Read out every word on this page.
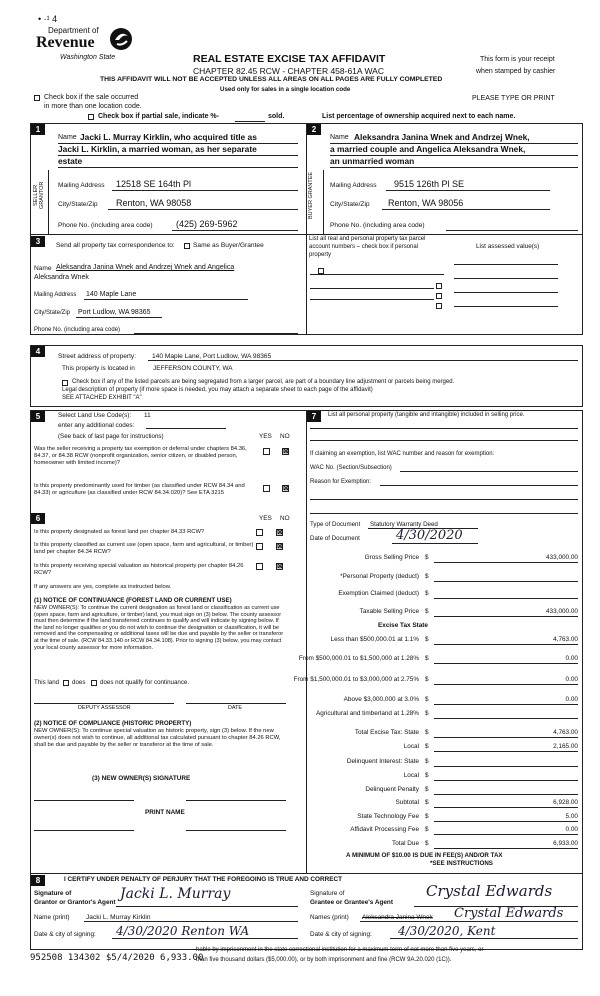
• ·¹ 4
Department of
Revenue
Washington State	REAL ESTATE EXCISE TAX AFFIDAVIT
CHAPTER 82.45 RCW - CHAPTER 458-61A WAC
This form is your receipt
when stamped by cashier
THIS AFFIDAVIT WILL NOT BE ACCEPTED UNLESS ALL AREAS ON ALL PAGES ARE FULLY COMPLETED
Used only for sales in a single location code
Check box if the sale occurred
in more than one location code.
PLEASE TYPE OR PRINT
Check box if partial sale, indicate %-	sold.	List percentage of ownership acquired next to each name.
1
SELLER GRANTOR
Name Jacki L. Murray Kirklin, who acquired title as
Jacki L. Kirklin, a married woman, as her separate
estate
Mailing Address 12518 SE 164th Pl
City/State/Zip Renton, WA 98058
Phone No. (including area code)	(425) 269-5962
2
BUYER GRANTEE
Name Aleksandra Janina Wnek and Andrzej Wnek,
a married couple and Angelica Aleksandra Wnek,
an unmarried woman
Mailing Address 9515 126th Pl SE
City/State/Zip Renton, WA 98056
Phone No. (including area code)
3	Send all property tax correspondence to:	Same as Buyer/Grantee
Name Aleksandra Janina Wnek and Andrzej Wnek and Angelica
Aleksandra Wnek
Mailing Address 140 Maple Lane
City/State/Zip Port Ludlow, WA 98365
Phone No. (including area code)
List all real and personal property tax parcel
account numbers – check box if personal
property
List assessed value(s)
4
Street address of property: 140 Maple Lane, Port Ludlow, WA 98365
This property is located in	JEFFERSON COUNTY, WA
Check box if any of the listed parcels are being segregated from a larger parcel, are part of a boundary line adjustment or parcels being merged.
Legal description of property (if more space is needed, you may attach a separate sheet to each page of the affidavit)
SEE ATTACHED EXHIBIT "A"
5	Select Land Use Code(s): 11
enter any additional codes:
(See back of last page for instructions)	YES NO
Was the seller receiving a property tax exemption or deferral under chapters 84.36, 84.37, or 84.38 RCW (nonprofit organization, senior citizen, or disabled person, homeowner with limited income)?
⊠
Is this property predominantly used for timber (as classified under RCW 84.34 and 84.33) or agriculture (as classified under RCW 84.34.020)? See ETA 3215
⊠
6	YES NO
Is this property designated as forest land per chapter 84.33 RCW?	⊠
Is this property classified as current use (open space, farm and agricultural, or timber) land per chapter 84.34 RCW?
⊠
Is this property receiving special valuation as historical property per chapter 84.26 RCW?
⊠
If any answers are yes, complete as instructed below.
(1) NOTICE OF CONTINUANCE (FOREST LAND OR CURRENT USE)
NEW OWNER(S): To continue the current designation as forest land or classification as current use (open space, farm and agriculture, or timber) land, you must sign on (3) below. The county assessor must then determine if the land transferred continues to qualify and will indicate by signing below. If the land no longer qualifies or you do not wish to continue the designation or classification, it will be removed and the compensating or additional taxes will be due and payable by the seller or transferor at the time of sale. (RCW 84.33.140 or RCW 84.34.108). Prior to signing (3) below, you may contact your local county assessor for more information.
This land does does not qualify for continuance.
DEPUTY ASSESSOR	DATE
(2) NOTICE OF COMPLIANCE (HISTORIC PROPERTY)
NEW OWNER(S): To continue special valuation as historic property, sign (3) below. If the new owner(s) does not wish to continue, all additional tax calculated pursuant to chapter 84.26 RCW, shall be due and payable by the seller or transferor at the time of sale.
(3) NEW OWNER(S) SIGNATURE
PRINT NAME
7	List all personal property (tangible and intangible) included in selling price.
If claiming an exemption, list WAC number and reason for exemption:
WAC No. (Section/Subsection)
Reason for Exemption:
Type of Document Statutory Warranty Deed
Date of Document	4/30/2020
Gross Selling Price $	433,000.00
*Personal Property (deduct) $
Exemption Claimed (deduct) $
Taxable Selling Price $	433,000.00
Less than $500,000.01 at 1.1% $	4,763.00
From $500,000.01 to $1,500,000 at 1.28% $	0.00
From $1,500,000.01 to $3,000,000 at 2.75% $	0.00
Above $3,000,000 at 3.0% $	0.00
Agricultural and timberland at 1.28% $
Total Excise Tax: State $	4,763.00
Local $	2,165.00
Delinquent Interest: State $
Local $
Delinquent Penalty $
Subtotal $	6,928.00
State Technology Fee $	5.00
Affidavit Processing Fee $	0.00
Total Due $	6,933.00
Excise Tax State
A MINIMUM OF $10.00 IS DUE IN FEE(S) AND/OR TAX
*SEE INSTRUCTIONS
8	I CERTIFY UNDER PENALTY OF PERJURY THAT THE FOREGOING IS TRUE AND CORRECT
Signature of
Grantor or Grantor's Agent
Jacki L. Murray
Name (print) Jacki L. Murray Kirklin
Date & city of signing: 4/30/2020 Renton WA
Signature of
Grantee or Grantee's Agent
Crystal Edwards
Names (print) Aleksandra Janina Wnek Crystal Edwards
Date & city of signing: 4/30/2020, Kent
hable by imprisonment in the state correctional institution for a maximum term of not more than five years, or
than five thousand dollars ($5,000.00), or by both imprisonment and fine (RCW 9A.20.020 (1C)).
952508 134302 $5/4/2020 6,933.00
